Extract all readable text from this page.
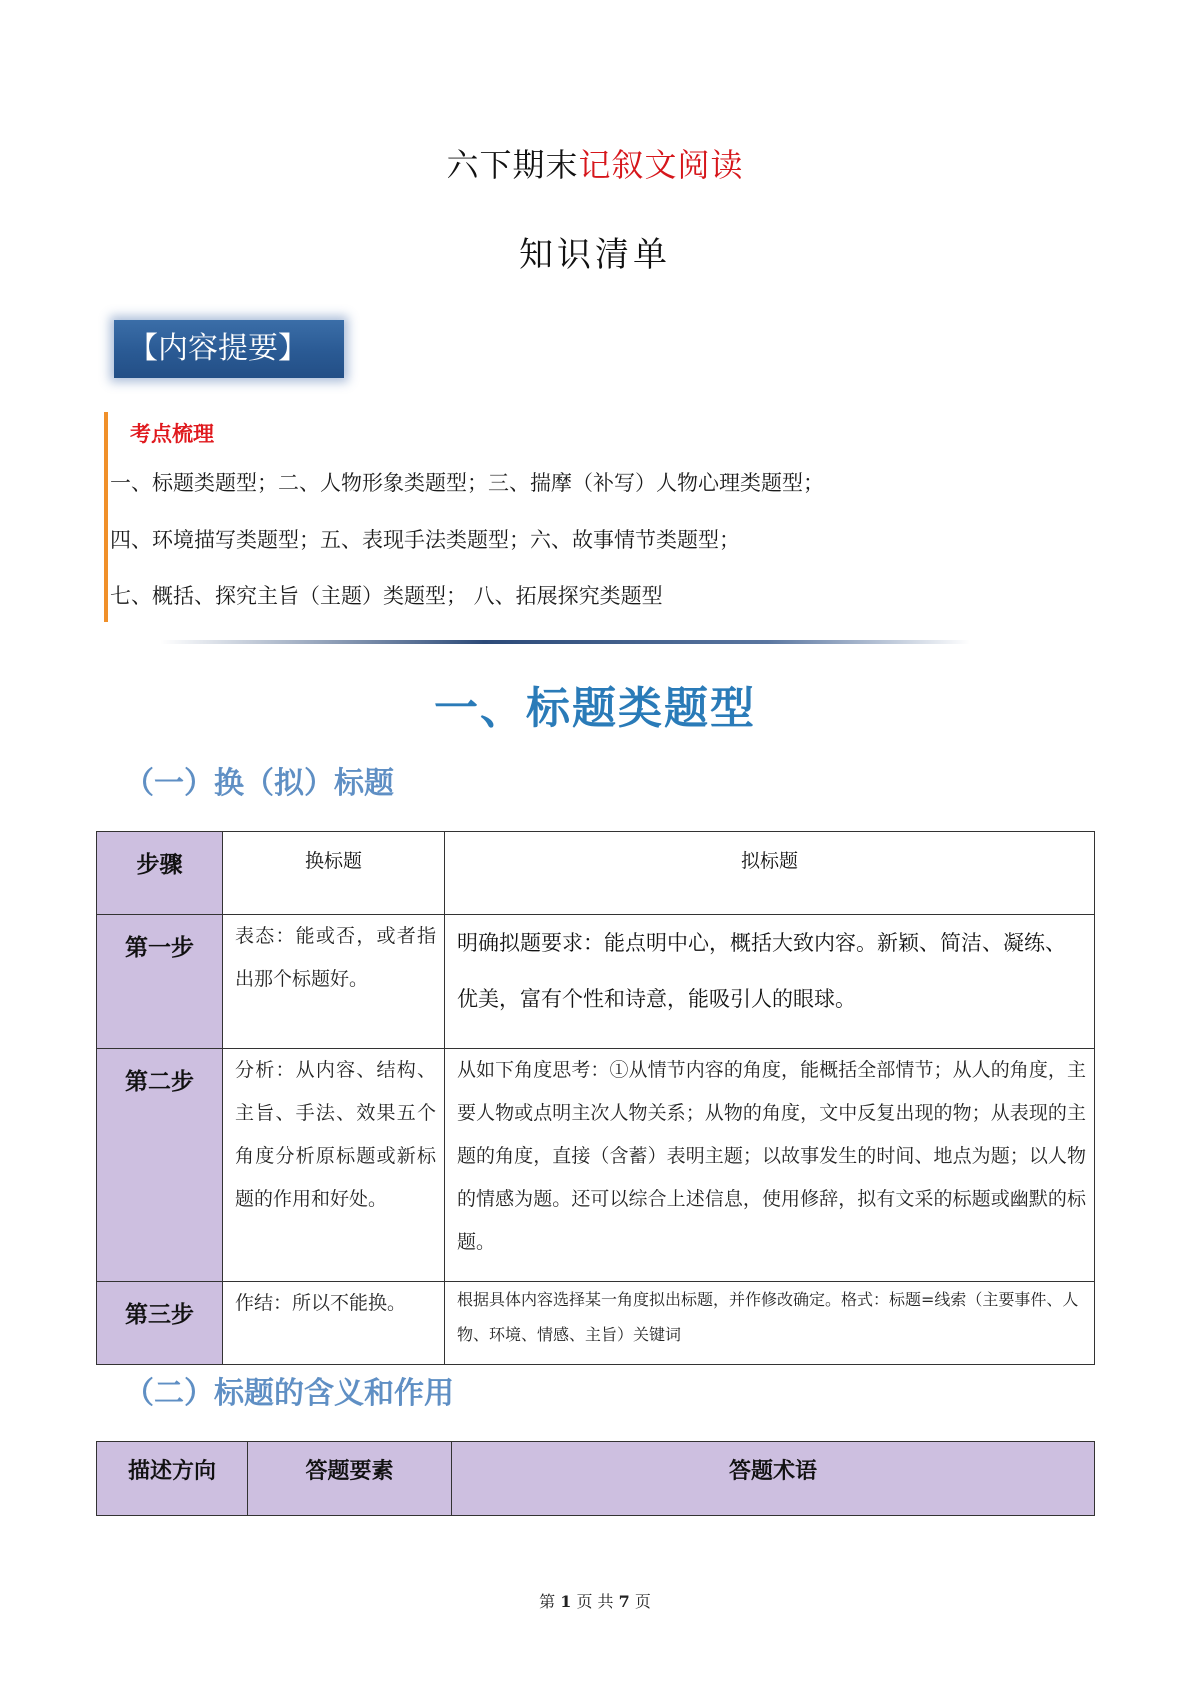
六下期末记叙文阅读
知识清单
【内容提要】
考点梳理
一、标题类题型；二、人物形象类题型；三、揣摩（补写）人物心理类题型；
四、环境描写类题型；五、表现手法类题型；六、故事情节类题型；
七、概括、探究主旨（主题）类题型； 八、拓展探究类题型
一、标题类题型
（一）换（拟）标题
步骤	换标题	拟标题
第一步	表态：能或否，或者指出那个标题好。	明确拟题要求：能点明中心，概括大致内容。新颖、简洁、凝练、优美，富有个性和诗意，能吸引人的眼球。
第二步	分析：从内容、结构、主旨、手法、效果五个角度分析原标题或新标题的作用和好处。	从如下角度思考：①从情节内容的角度，能概括全部情节；从人的角度，主要人物或点明主次人物关系；从物的角度，文中反复出现的物；从表现的主题的角度，直接（含蓄）表明主题；以故事发生的时间、地点为题；以人物的情感为题。还可以综合上述信息，使用修辞，拟有文采的标题或幽默的标题。
第三步	作结：所以不能换。	根据具体内容选择某一角度拟出标题，并作修改确定。格式：标题=线索（主要事件、人物、环境、情感、主旨）关键词
（二）标题的含义和作用
描述方向	答题要素	答题术语
第 1 页 共 7 页
